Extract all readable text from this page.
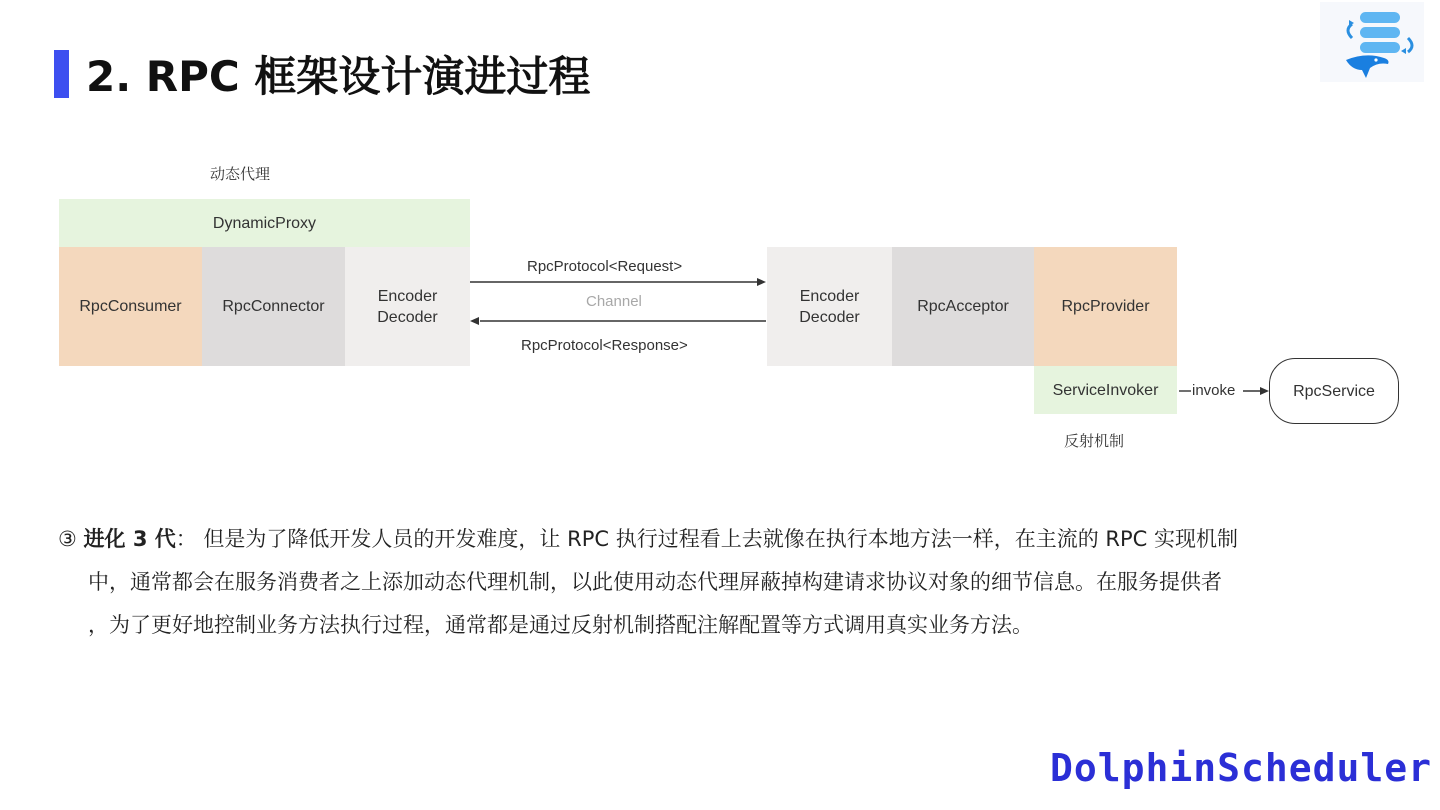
2. RPC 框架设计演进过程
动态代理
DynamicProxy
RpcConsumer	RpcConnector
Encoder
Decoder
RpcProtocol<Request>
Channel
RpcProtocol<Response>
Encoder
Decoder
RpcAcceptor	RpcProvider
ServiceInvoker invoke	RpcService
反射机制
③ 进化 3 代： 但是为了降低开发人员的开发难度，让 RPC 执行过程看上去就像在执行本地方法一样，在主流的 RPC 实现机制
中，通常都会在服务消费者之上添加动态代理机制，以此使用动态代理屏蔽掉构建请求协议对象的细节信息。在服务提供者
，为了更好地控制业务方法执行过程，通常都是通过反射机制搭配注解配置等方式调用真实业务方法。
DolphinScheduler
